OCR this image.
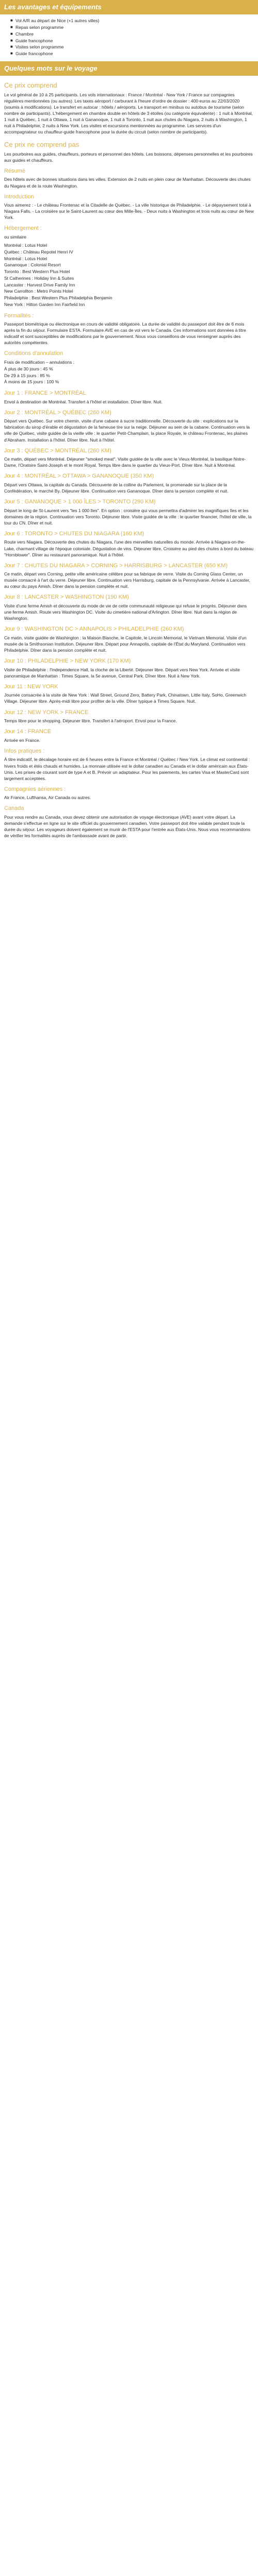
Les avantages et équipements
■ Vol A/R au départ de Nice (+1 autres villes)
■ Repas selon programme
■ Chambre
■ Guide francophone
■ Visites selon programme
■ Guide francophone
Quelques mots sur le voyage
Ce prix comprend

Le vol général de 10 à 25 participants. Les vols internationaux : France / Montréal - New York / France sur compagnies régulières mentionnées (ou autres). Les taxes aéroport / carburant à l'heure d'ordre de dossier : 400 euros au 22/03/2020 (soumis à modifications). Le transfert en autocar : hôtels / aéroports. Le transport en minibus ou autobus de tourisme (selon nombre de participants). L'hébergement en chambre double en hôtels de 3 étoiles (ou catégorie équivalente) : 1 nuit à Montréal, 1 nuit à Québec, 1 nuit à Ottawa, 1 nuit à Gananoque, 1 nuit à Toronto, 1 nuit aux chutes du Niagara, 2 nuits à Washington, 1 nuit à Philadelphie, 2 nuits à New York. Les visites et excursions mentionnées au programme. Les services d'un accompagnateur ou chauffeur-guide francophone pour la durée du circuit (selon nombre de participants).

Ce prix ne comprend pas

Les pourboires aux guides, chauffeurs, porteurs et personnel des hôtels. Les boissons, dépenses personnelles et les pourboires aux guides et chauffeurs.

Résumé

Des hôtels avec de bonnes situations dans les villes. Extension de 2 nuits en plein cœur de Manhattan. Découverte des chutes du Niagara et de la route Washington.

Introduction

Vous aimerez : - Le château Frontenac et la Citadelle de Québec. - La ville historique de Philadelphie. - Le dépaysement total à Niagara Falls. - La croisière sur le Saint-Laurent au cœur des Mille-Îles. - Deux nuits à Washington et trois nuits au cœur de New York.

Hébergement :

ou similaire

Montréal : Lotus Hotel
Québec : Château Repotel Henri IV
Montréal : Lotus Hotel
Gananoque : Colonial Resort
Toronto : Best Western Plus Hotel
St Catherines : Holiday Inn & Suites
Lancaster : Harvest Drive Family Inn
New Carrollton : Metro Points Hotel
Philadelphie : Best Western Plus Philadelphia Benjamin
New York : Hilton Garden Inn Fairfield Inn
Formalités :

Passeport biométrique ou électronique en cours de validité obligatoire. La durée de validité du passeport doit être de 6 mois après la fin du séjour. Formulaire ESTA. Formulaire AVE en cas de vol vers le Canada. Ces informations sont données à titre indicatif et sont susceptibles de modifications par le gouvernement. Nous vous conseillons de vous renseigner auprès des autorités compétentes.

Conditions d'annulation
Frais de modification – annulations :
À plus de 30 jours : 45 %
De 29 à 15 jours : 85 %
À moins de 15 jours : 100 %
Jour 1 : FRANCE > MONTRÉAL

Envol à destination de Montréal. Transfert à l'hôtel et installation. Dîner libre. Nuit.

Jour 2 : MONTRÉAL > QUÉBEC (260 KM)

Départ vers Québec. Sur votre chemin, visite d'une cabane à sucre traditionnelle. Découverte du site : explications sur la fabrication du sirop d'érable et dégustation de la fameuse tire sur la neige. Déjeuner au sein de la cabane. Continuation vers la ville de Québec, visite guidée de la vieille ville : le quartier Petit-Champlain, la place Royale, le château Frontenac, les plaines d'Abraham. Installation à l'hôtel. Dîner libre. Nuit à l'hôtel.

Jour 3 : QUÉBEC > MONTRÉAL (260 KM)

Ce matin, départ vers Montréal. Déjeuner "smoked meat". Visite guidée de la ville avec le Vieux-Montréal, la basilique Notre-Dame, l'Oratoire Saint-Joseph et le mont Royal. Temps libre dans le quartier du Vieux-Port. Dîner libre. Nuit à Montréal.

Jour 4 : MONTRÉAL > OTTAWA > GANANOQUE (350 KM)

Départ vers Ottawa, la capitale du Canada. Découverte de la colline du Parlement, la promenade sur la place de la Confédération, le marché By. Déjeuner libre. Continuation vers Gananoque. Dîner dans la pension complète et nuit.

Jour 5 : GANANOQUE > 1 000 ÎLES > TORONTO (290 KM)

Départ le long de St-Laurent vers "les 1 000 îles". En option : croisière qui vous permettra d'admirer les magnifiques îles et les domaines de la région. Continuation vers Toronto. Déjeuner libre. Visite guidée de la ville : le quartier financier, l'hôtel de ville, la tour du CN. Dîner et nuit.

Jour 6 : TORONTO > CHUTES DU NIAGARA (160 KM)

Route vers Niagara. Découverte des chutes du Niagara, l'une des merveilles naturelles du monde. Arrivée à Niagara-on-the-Lake, charmant village de l'époque coloniale. Dégustation de vins. Déjeuner libre. Croisière au pied des chutes à bord du bateau "Hornblower". Dîner au restaurant panoramique. Nuit à l'hôtel.

Jour 7 : CHUTES DU NIAGARA > CORNING > HARRISBURG > LANCASTER (650 KM)

Ce matin, départ vers Corning, petite ville américaine célèbre pour sa fabrique de verre. Visite du Corning Glass Center, un musée consacré à l'art du verre. Déjeuner libre. Continuation vers Harrisburg, capitale de la Pennsylvanie. Arrivée à Lancaster, au cœur du pays Amish. Dîner dans la pension complète et nuit.

Jour 8 : LANCASTER > WASHINGTON (190 KM)

Visite d'une ferme Amish et découverte du mode de vie de cette communauté religieuse qui refuse le progrès. Déjeuner dans une ferme Amish. Route vers Washington DC. Visite du cimetière national d'Arlington. Dîner libre. Nuit dans la région de Washington.

Jour 9 : WASHINGTON DC > ANNAPOLIS > PHILADELPHIE (260 KM)

Ce matin, visite guidée de Washington : la Maison Blanche, le Capitole, le Lincoln Memorial, le Vietnam Memorial. Visite d'un musée de la Smithsonian Institution. Déjeuner libre. Départ pour Annapolis, capitale de l'État du Maryland. Continuation vers Philadelphie. Dîner dans la pension complète et nuit.

Jour 10 : PHILADELPHIE > NEW YORK (170 KM)

Visite de Philadelphie : l'Independence Hall, la cloche de la Liberté. Déjeuner libre. Départ vers New York. Arrivée et visite panoramique de Manhattan : Times Square, la 5e avenue, Central Park. Dîner libre. Nuit à New York.

Jour 11 : NEW YORK

Journée consacrée à la visite de New York : Wall Street, Ground Zero, Battery Park, Chinatown, Little Italy, SoHo, Greenwich Village. Déjeuner libre. Après-midi libre pour profiter de la ville. Dîner typique à Times Square. Nuit.

Jour 12 : NEW YORK > FRANCE

Temps libre pour le shopping. Déjeuner libre. Transfert à l'aéroport. Envol pour la France.

Jour 14 : FRANCE

Arrivée en France.

Infos pratiques :

À titre indicatif, le décalage horaire est de 6 heures entre la France et Montréal / Québec / New York. Le climat est continental : hivers froids et étés chauds et humides. La monnaie utilisée est le dollar canadien au Canada et le dollar américain aux États-Unis. Les prises de courant sont de type A et B. Prévoir un adaptateur. Pour les paiements, les cartes Visa et MasterCard sont largement acceptées.

Compagnies aériennes :

Air France, Lufthansa, Air Canada ou autres.

Canada

Pour vous rendre au Canada, vous devez obtenir une autorisation de voyage électronique (AVE) avant votre départ. La demande s'effectue en ligne sur le site officiel du gouvernement canadien. Votre passeport doit être valable pendant toute la durée du séjour. Les voyageurs doivent également se munir de l'ESTA pour l'entrée aux États-Unis. Nous vous recommandons de vérifier les formalités auprès de l'ambassade avant de partir.
